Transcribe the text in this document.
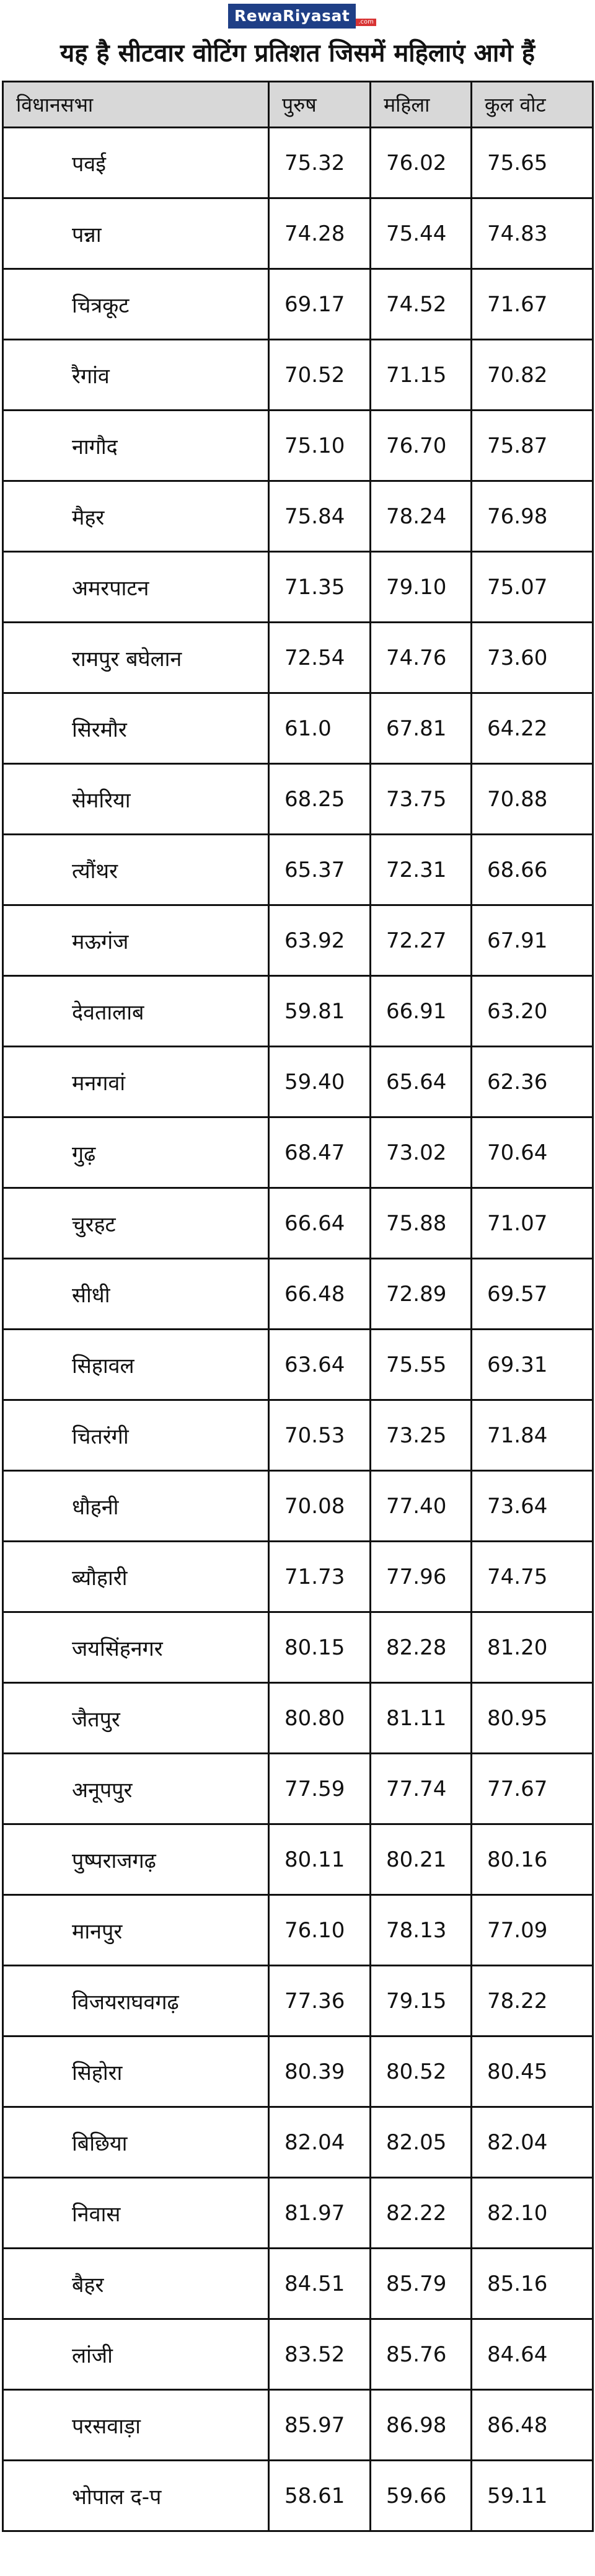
RewaRiyasat	.com
यह है सीटवार वोटिंग प्रतिशत जिसमें महिलाएं आगे हैं
विधानसभा	पुरुष	महिला	कुल वोट
पवई	75.32	76.02	75.65
पन्ना	74.28	75.44	74.83
चित्रकूट	69.17	74.52	71.67
रैगांव	70.52	71.15	70.82
नागौद	75.10	76.70	75.87
मैहर	75.84	78.24	76.98
अमरपाटन	71.35	79.10	75.07
रामपुर बघेलान	72.54	74.76	73.60
सिरमौर	61.0	67.81	64.22
सेमरिया	68.25	73.75	70.88
त्यौंथर	65.37	72.31	68.66
मऊगंज	63.92	72.27	67.91
देवतालाब	59.81	66.91	63.20
मनगवां	59.40	65.64	62.36
गुढ़	68.47	73.02	70.64
चुरहट	66.64	75.88	71.07
सीधी	66.48	72.89	69.57
सिहावल	63.64	75.55	69.31
चितरंगी	70.53	73.25	71.84
धौहनी	70.08	77.40	73.64
ब्यौहारी	71.73	77.96	74.75
जयसिंहनगर	80.15	82.28	81.20
जैतपुर	80.80	81.11	80.95
अनूपपुर	77.59	77.74	77.67
पुष्पराजगढ़	80.11	80.21	80.16
मानपुर	76.10	78.13	77.09
विजयराघवगढ़	77.36	79.15	78.22
सिहोरा	80.39	80.52	80.45
बिछिया	82.04	82.05	82.04
निवास	81.97	82.22	82.10
बैहर	84.51	85.79	85.16
लांजी	83.52	85.76	84.64
परसवाड़ा	85.97	86.98	86.48
भोपाल द-प	58.61	59.66	59.11
